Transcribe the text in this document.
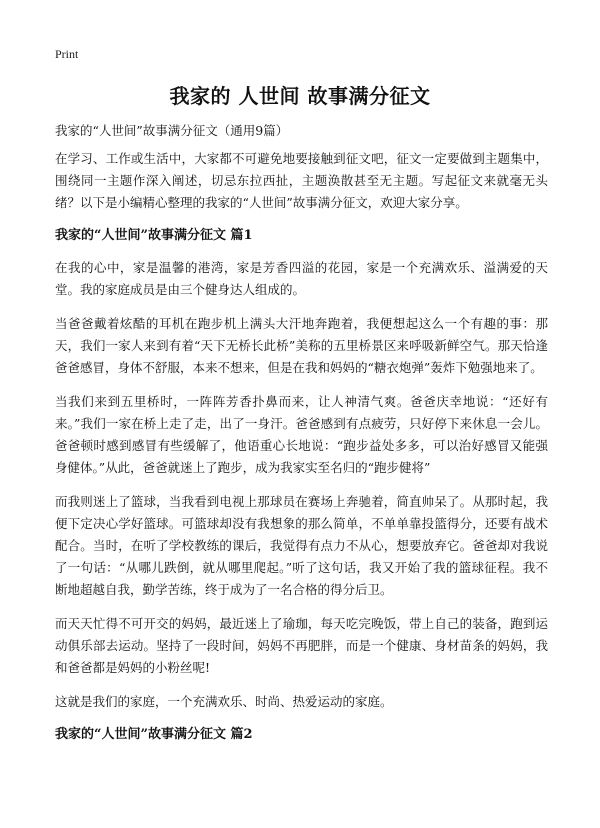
Print
我家的 人世间 故事满分征文
我家的“人世间”故事满分征文（通用9篇）

在学习、工作或生活中，大家都不可避免地要接触到征文吧，征文一定要做到主题集中，围绕同一主题作深入阐述，切忌东拉西扯，主题涣散甚至无主题。写起征文来就毫无头绪？以下是小编精心整理的我家的“人世间”故事满分征文，欢迎大家分享。

我家的“人世间”故事满分征文 篇1

在我的心中，家是温馨的港湾，家是芳香四溢的花园，家是一个充满欢乐、溢满爱的天堂。我的家庭成员是由三个健身达人组成的。

当爸爸戴着炫酷的耳机在跑步机上满头大汗地奔跑着，我便想起这么一个有趣的事：那天，我们一家人来到有着“天下无桥长此桥”美称的五里桥景区来呼吸新鲜空气。那天恰逢爸爸感冒，身体不舒服，本来不想来，但是在我和妈妈的“糖衣炮弹”轰炸下勉强地来了。

当我们来到五里桥时，一阵阵芳香扑鼻而来，让人神清气爽。爸爸庆幸地说：“还好有来。”我们一家在桥上走了走，出了一身汗。爸爸感到有点疲劳，只好停下来休息一会儿。爸爸顿时感到感冒有些缓解了，他语重心长地说：“跑步益处多多，可以治好感冒又能强身健体。”从此，爸爸就迷上了跑步，成为我家实至名归的“跑步健将”

而我则迷上了篮球，当我看到电视上那球员在赛场上奔驰着，简直帅呆了。从那时起，我便下定决心学好篮球。可篮球却没有我想象的那么简单，不单单靠投篮得分，还要有战术配合。当时，在听了学校教练的课后，我觉得有点力不从心，想要放弃它。爸爸却对我说了一句话：“从哪儿跌倒，就从哪里爬起。”听了这句话，我又开始了我的篮球征程。我不断地超越自我，勤学苦练，终于成为了一名合格的得分后卫。

而天天忙得不可开交的妈妈，最近迷上了瑜珈，每天吃完晚饭，带上自己的装备，跑到运动俱乐部去运动。坚持了一段时间，妈妈不再肥胖，而是一个健康、身材苗条的妈妈，我和爸爸都是妈妈的小粉丝呢!

这就是我们的家庭，一个充满欢乐、时尚、热爱运动的家庭。

我家的“人世间”故事满分征文 篇2
